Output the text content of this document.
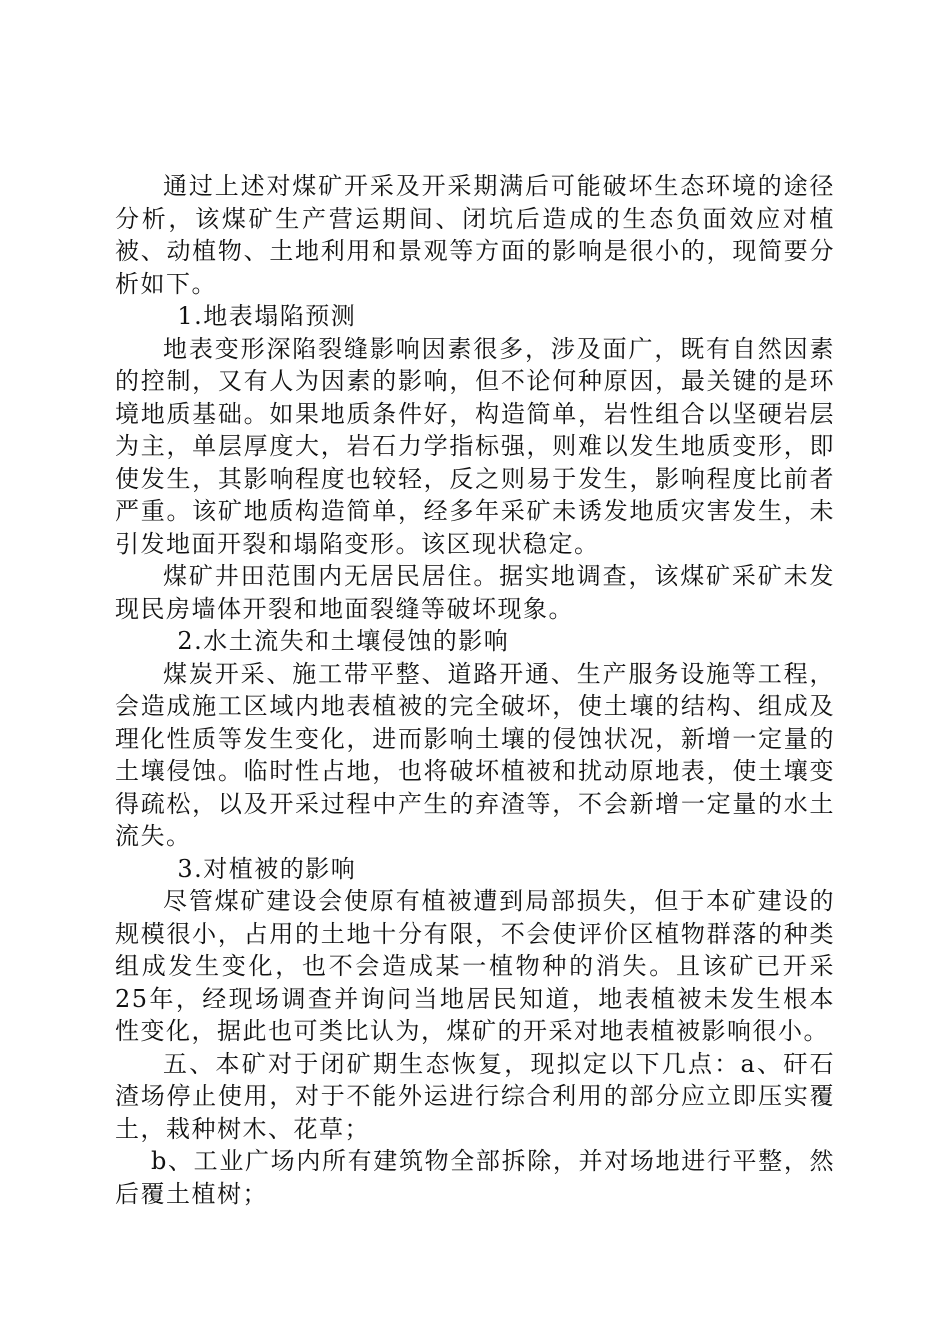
通过上述对煤矿开采及开采期满后可能破坏生态环境的途径分析，该煤矿生产营运期间、闭坑后造成的生态负面效应对植被、动植物、土地利用和景观等方面的影响是很小的，现简要分析如下。

1.地表塌陷预测

地表变形深陷裂缝影响因素很多，涉及面广，既有自然因素的控制，又有人为因素的影响，但不论何种原因，最关键的是环境地质基础。如果地质条件好，构造简单，岩性组合以坚硬岩层为主，单层厚度大，岩石力学指标强，则难以发生地质变形，即使发生，其影响程度也较轻，反之则易于发生，影响程度比前者严重。该矿地质构造简单，经多年采矿未诱发地质灾害发生，未引发地面开裂和塌陷变形。该区现状稳定。

煤矿井田范围内无居民居住。据实地调查，该煤矿采矿未发现民房墙体开裂和地面裂缝等破坏现象。

2.水土流失和土壤侵蚀的影响

煤炭开采、施工带平整、道路开通、生产服务设施等工程，会造成施工区域内地表植被的完全破坏，使土壤的结构、组成及理化性质等发生变化，进而影响土壤的侵蚀状况，新增一定量的土壤侵蚀。临时性占地，也将破坏植被和扰动原地表，使土壤变得疏松，以及开采过程中产生的弃渣等，不会新增一定量的水土流失。

3.对植被的影响

尽管煤矿建设会使原有植被遭到局部损失，但于本矿建设的规模很小，占用的土地十分有限，不会使评价区植物群落的种类组成发生变化，也不会造成某一植物种的消失。且该矿已开采25年，经现场调查并询问当地居民知道，地表植被未发生根本性变化，据此也可类比认为，煤矿的开采对地表植被影响很小。

五、本矿对于闭矿期生态恢复，现拟定以下几点：a、矸石渣场停止使用，对于不能外运进行综合利用的部分应立即压实覆土，栽种树木、花草；

b、工业广场内所有建筑物全部拆除，并对场地进行平整，然后覆土植树；
